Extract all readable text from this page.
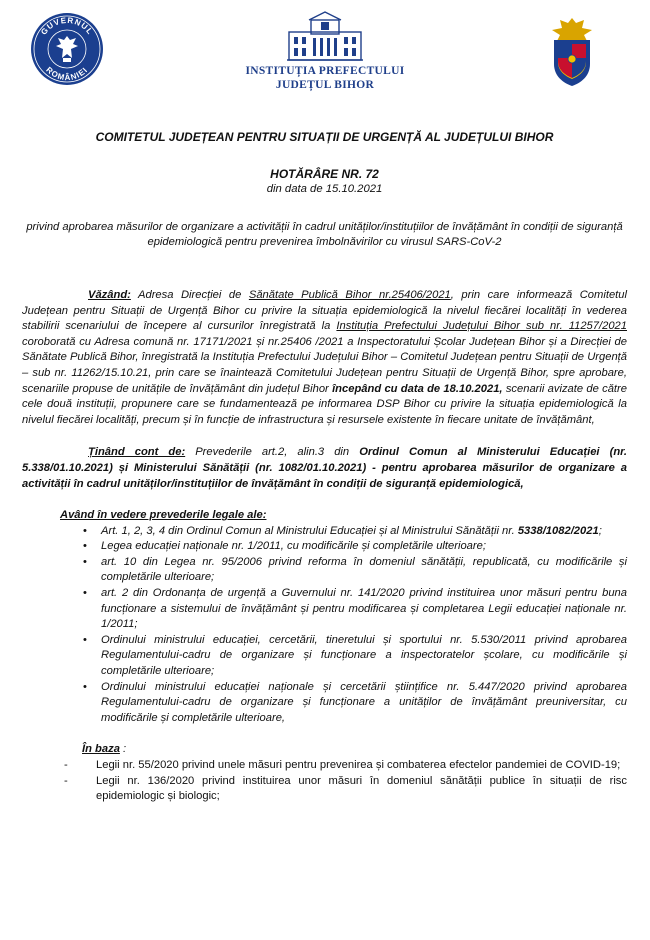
GUVERNUL
ROMÂNIEI	INSTITUȚIA PREFECTULUI
JUDEȚUL BIHOR

COMITETUL JUDEȚEAN PENTRU SITUAȚII DE URGENȚĂ AL JUDEȚULUI BIHOR

HOTĂRÂRE NR. 72
din data de 15.10.2021
privind aprobarea măsurilor de organizare a activității în cadrul unităților/instituțiilor de învățământ în condiții de siguranță epidemiologică pentru prevenirea îmbolnăvirilor cu virusul SARS-CoV-2

Văzând: Adresa Direcției de Sănătate Publică Bihor nr.25406/2021, prin care informează Comitetul Județean pentru Situații de Urgență Bihor cu privire la situația epidemiologică la nivelul fiecărei localități în vederea stabilirii scenariului de începere al cursurilor înregistrată la Instituția Prefectului Județului Bihor sub nr. 11257/2021 coroborată cu Adresa comună nr. 17171/2021 și nr.25406 /2021 a Inspectoratului Școlar Județean Bihor și a Direcției de Sănătate Publică Bihor, înregistrată la Instituția Prefectului Județului Bihor – Comitetul Județean pentru Situații de Urgență – sub nr. 11262/15.10.21, prin care se înaintează Comitetului Județean pentru Situații de Urgență Bihor, spre aprobare, scenariile propuse de unitățile de învățământ din județul Bihor începând cu data de 18.10.2021, scenarii avizate de către cele două instituții, propunere care se fundamentează pe informarea DSP Bihor cu privire la situația epidemiologică la nivelul fiecărei localități, precum și în funcție de infrastructura și resursele existente în fiecare unitate de învățământ,

Ținând cont de: Prevederile art.2, alin.3 din Ordinul Comun al Ministerului Educației (nr. 5.338/01.10.2021) și Ministerului Sănătății (nr. 1082/01.10.2021) - pentru aprobarea măsurilor de organizare a activității în cadrul unităților/instituțiilor de învățământ în condiții de siguranță epidemiologică,

Având în vedere prevederile legale ale:

• Art. 1, 2, 3, 4 din Ordinul Comun al Ministrului Educației și al Ministrului Sănătății nr. 5338/1082/2021;
• Legea educației naționale nr. 1/2011, cu modificările și completările ulterioare;
• art. 10 din Legea nr. 95/2006 privind reforma în domeniul sănătății, republicată, cu modificările și completările ulterioare;
• art. 2 din Ordonanța de urgență a Guvernului nr. 141/2020 privind instituirea unor măsuri pentru buna funcționare a sistemului de învățământ și pentru modificarea și completarea Legii educației naționale nr. 1/2011;
• Ordinului ministrului educației, cercetării, tineretului și sportului nr. 5.530/2011 privind aprobarea Regulamentului-cadru de organizare și funcționare a inspectoratelor școlare, cu modificările și completările ulterioare;
• Ordinului ministrului educației naționale și cercetării științifice nr. 5.447/2020 privind aprobarea Regulamentului-cadru de organizare și funcționare a unităților de învățământ preuniversitar, cu modificările și completările ulterioare,

În baza :

-	Legii nr. 55/2020 privind unele măsuri pentru prevenirea și combaterea efectelor pandemiei de COVID-19;
-	Legii nr. 136/2020 privind instituirea unor măsuri în domeniul sănătății publice în situații de risc epidemiologic și biologic;
